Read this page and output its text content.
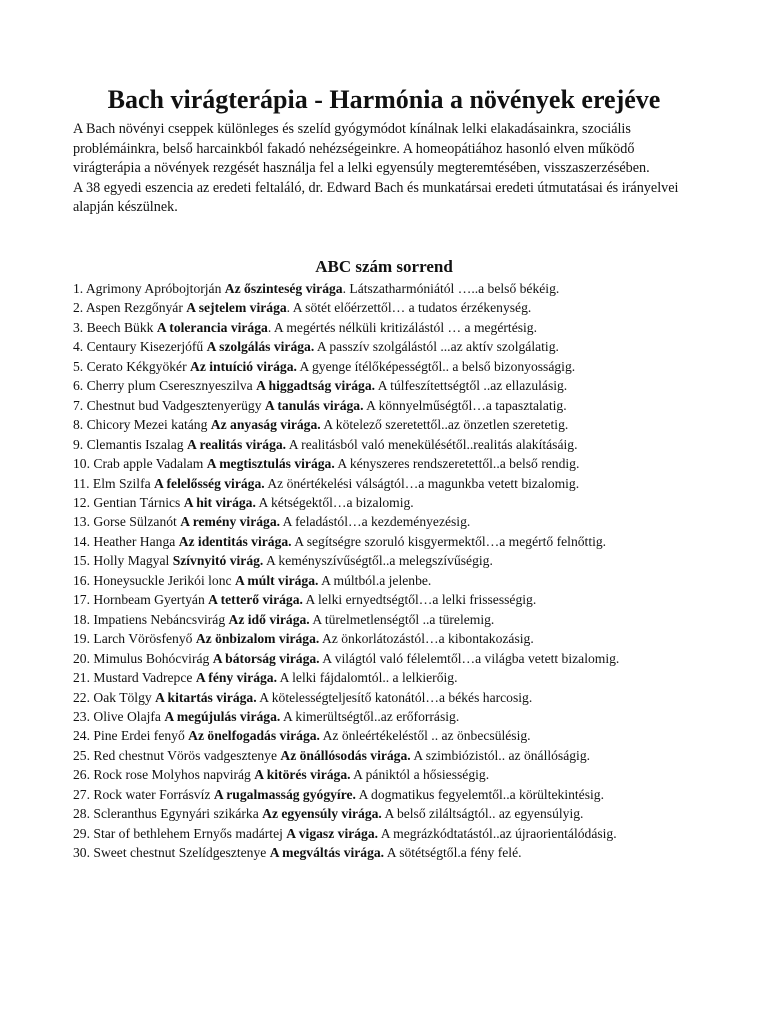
Bach virágterápia - Harmónia a növények erejéve

A Bach növényi cseppek különleges és szelíd gyógymódot kínálnak lelki elakadásainkra, szociális problémáinkra, belső harcainkból fakadó nehézségeinkre. A homeopátiához hasonló elven működő virágterápia a növények rezgését használja fel a lelki egyensúly megteremtésében, visszaszerzésében.

A 38 egyedi eszencia az eredeti feltaláló, dr. Edward Bach és munkatársai eredeti útmutatásai és irányelvei alapján készülnek.

ABC szám sorrend
1. Agrimony Apróbojtorján Az őszinteség virága. Látszatharmóniától …..a belső békéig.
2. Aspen Rezgőnyár A sejtelem virága. A sötét előérzettől… a tudatos érzékenység.
3. Beech Bükk A tolerancia virága. A megértés nélküli kritizálástól … a megértésig.
4. Centaury Kisezerjófű A szolgálás virága. A passzív szolgálástól ...az aktív szolgálatig.
5. Cerato Kékgyökér Az intuíció virága. A gyenge ítélőképességtől.. a belső bizonyosságig.
6. Cherry plum Cseresznyeszilva A higgadtság virága. A túlfeszítettségtől ..az ellazulásig.
7. Chestnut bud Vadgesztenyerügy A tanulás virága. A könnyelműségtől…a tapasztalatig.
8. Chicory Mezei katáng Az anyaság virága. A kötelező szeretettől..az önzetlen szeretetig.
9. Clemantis Iszalag A realitás virága. A realitásból való menekülésétől..realitás alakításáig.
10. Crab apple Vadalam A megtisztulás virága. A kényszeres rendszeretettől..a belső rendig.
11. Elm Szilfa A felelősség virága. Az önértékelési válságtól…a magunkba vetett bizalomig.
12. Gentian Tárnics A hit virága. A kétségektől…a bizalomig.
13. Gorse Sülzanót A remény virága. A feladástól…a kezdeményezésig.
14. Heather Hanga Az identitás virága. A segítségre szoruló kisgyermektől…a megértő felnőttig.
15. Holly Magyal Szívnyitó virág. A keményszívűségtől..a melegszívűségig.
16. Honeysuckle Jerikói lonc A múlt virága. A múltból.a jelenbe.
17. Hornbeam Gyertyán A tetterő virága. A lelki ernyedtségtől…a lelki frissességig.
18. Impatiens Nebáncsvirág Az idő virága. A türelmetlenségtől ..a türelemig.
19. Larch Vörösfenyő Az önbizalom virága. Az önkorlátozástól…a kibontakozásig.
20. Mimulus Bohócvirág A bátorság virága. A világtól való félelemtől…a világba vetett bizalomig.
21. Mustard Vadrepce A fény virága. A lelki fájdalomtól.. a lelkierőig.
22. Oak Tölgy A kitartás virága. A kötelességteljesítő katonától…a békés harcosig.
23. Olive Olajfa A megújulás virága. A kimerültségtől..az erőforrásig.
24. Pine Erdei fenyő Az önelfogadás virága. Az önleértékeléstől .. az önbecsülésig.
25. Red chestnut Vörös vadgesztenye Az önállósodás virága. A szimbiózistól.. az önállóságig.
26. Rock rose Molyhos napvirág A kitörés virága. A pániktól a hősiességig.
27. Rock water Forrásvíz A rugalmasság gyógyíre. A dogmatikus fegyelemtől..a körültekintésig.
28. Scleranthus Egynyári szikárka Az egyensúly virága. A belső ziláltságtól.. az egyensúlyig.
29. Star of bethlehem Ernyős madártej A vigasz virága. A megrázkódtatástól..az újraorientálódásig.
30. Sweet chestnut Szelídgesztenye A megváltás virága. A sötétségtől.a fény felé.
